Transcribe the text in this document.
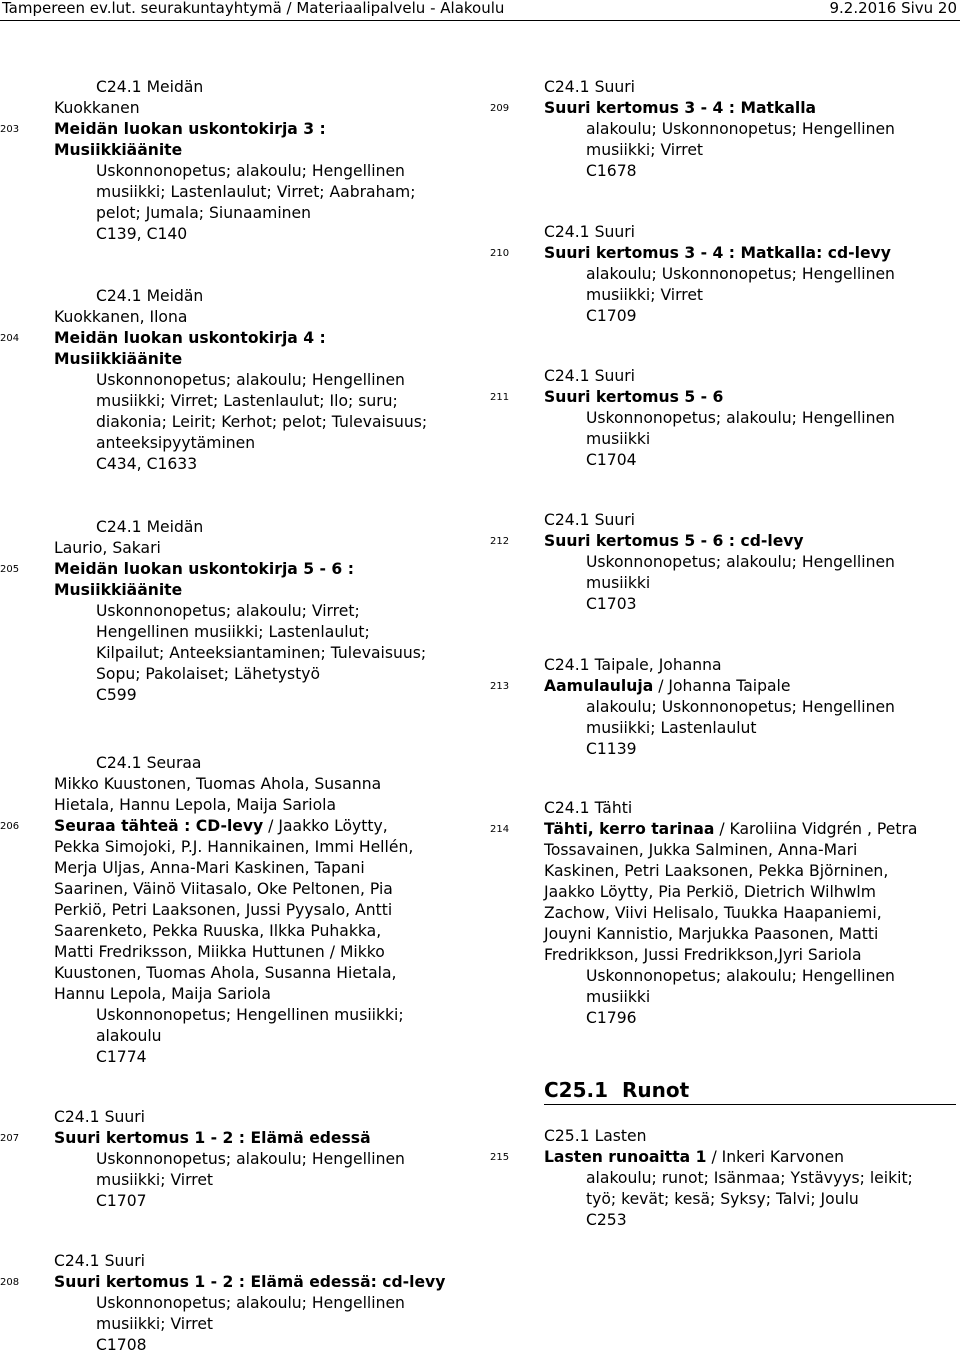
Tampereen ev.lut. seurakuntayhtymä / Materiaalipalvelu - Alakoulu	9.2.2016 Sivu 20
203
C24.1 Meidän
Kuokkanen
Meidän luokan uskontokirja 3 :
Musiikkiäänite
Uskonnonopetus; alakoulu; Hengellinen
musiikki; Lastenlaulut; Virret; Aabraham;
pelot; Jumala; Siunaaminen
C139, C140
204
C24.1 Meidän
Kuokkanen, Ilona
Meidän luokan uskontokirja 4 :
Musiikkiäänite
Uskonnonopetus; alakoulu; Hengellinen
musiikki; Virret; Lastenlaulut; Ilo; suru;
diakonia; Leirit; Kerhot; pelot; Tulevaisuus;
anteeksipyytäminen
C434, C1633
205
C24.1 Meidän
Laurio, Sakari
Meidän luokan uskontokirja 5 - 6 :
Musiikkiäänite
Uskonnonopetus; alakoulu; Virret;
Hengellinen musiikki; Lastenlaulut;
Kilpailut; Anteeksiantaminen; Tulevaisuus;
Sopu; Pakolaiset; Lähetystyö
C599
206
C24.1 Seuraa
Mikko Kuustonen, Tuomas Ahola, Susanna
Hietala, Hannu Lepola, Maija Sariola
Seuraa tähteä : CD-levy / Jaakko Löytty,
Pekka Simojoki, P.J. Hannikainen, Immi Hellén,
Merja Uljas, Anna-Mari Kaskinen, Tapani
Saarinen, Väinö Viitasalo, Oke Peltonen, Pia
Perkiö, Petri Laaksonen, Jussi Pyysalo, Antti
Saarenketo, Pekka Ruuska, Ilkka Puhakka,
Matti Fredriksson, Miikka Huttunen / Mikko
Kuustonen, Tuomas Ahola, Susanna Hietala,
Hannu Lepola, Maija Sariola
Uskonnonopetus; Hengellinen musiikki;
alakoulu
C1774
207
C24.1 Suuri
Suuri kertomus 1 - 2 : Elämä edessä
Uskonnonopetus; alakoulu; Hengellinen
musiikki; Virret
C1707
208
C24.1 Suuri
Suuri kertomus 1 - 2 : Elämä edessä: cd-levy
Uskonnonopetus; alakoulu; Hengellinen
musiikki; Virret
C1708
209
C24.1 Suuri
Suuri kertomus 3 - 4 : Matkalla
alakoulu; Uskonnonopetus; Hengellinen
musiikki; Virret
C1678
210
C24.1 Suuri
Suuri kertomus 3 - 4 : Matkalla: cd-levy
alakoulu; Uskonnonopetus; Hengellinen
musiikki; Virret
C1709
211
C24.1 Suuri
Suuri kertomus 5 - 6
Uskonnonopetus; alakoulu; Hengellinen
musiikki
C1704
212
C24.1 Suuri
Suuri kertomus 5 - 6 : cd-levy
Uskonnonopetus; alakoulu; Hengellinen
musiikki
C1703
213
C24.1 Taipale, Johanna
Aamulauluja / Johanna Taipale
alakoulu; Uskonnonopetus; Hengellinen
musiikki; Lastenlaulut
C1139
214
C24.1 Tähti
Tähti, kerro tarinaa / Karoliina Vidgrén , Petra
Tossavainen, Jukka Salminen, Anna-Mari
Kaskinen, Petri Laaksonen, Pekka Björninen,
Jaakko Löytty, Pia Perkiö, Dietrich Wilhwlm
Zachow, Viivi Helisalo, Tuukka Haapaniemi,
Jouyni Kannistio, Marjukka Paasonen, Matti
Fredrikkson, Jussi Fredrikkson,Jyri Sariola
Uskonnonopetus; alakoulu; Hengellinen
musiikki
C1796
C25.1 Runot
215
C25.1 Lasten
Lasten runoaitta 1 / Inkeri Karvonen
alakoulu; runot; Isänmaa; Ystävyys; leikit;
työ; kevät; kesä; Syksy; Talvi; Joulu
C253
